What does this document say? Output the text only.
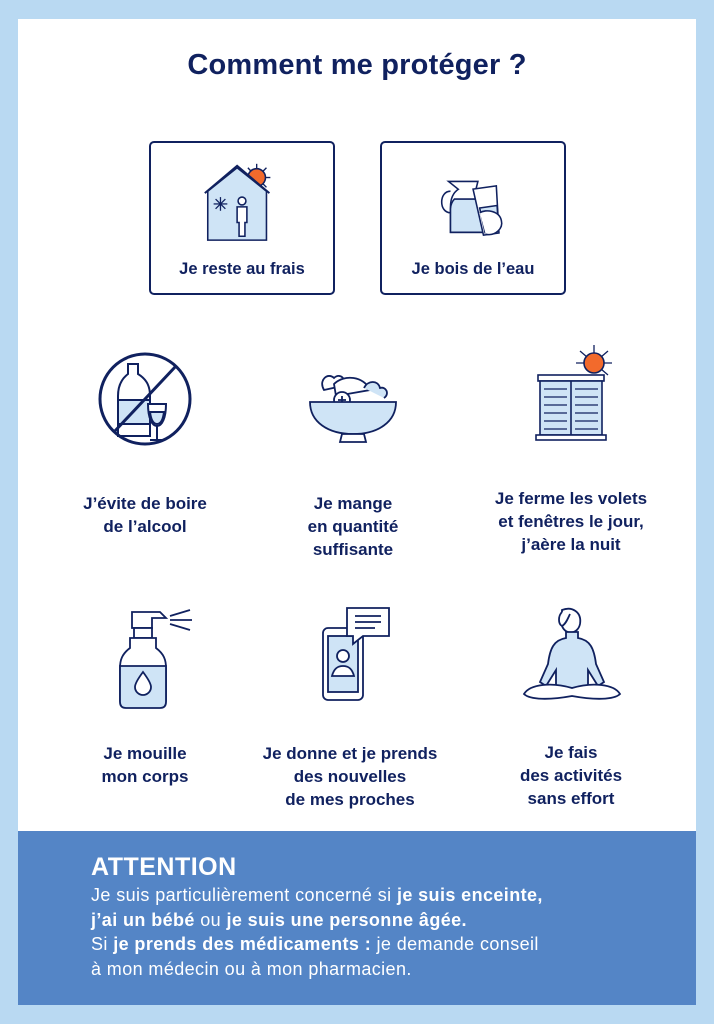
Comment me protéger ?
Je reste au frais	Je bois de l’eau
J’évite de boire
de l’alcool
Je mange
en quantité
suffisante
Je ferme les volets
et fenêtres le jour,
j’aère la nuit
Je mouille
mon corps
Je donne et je prends
des nouvelles
de mes proches
Je fais
des activités
sans effort
ATTENTION
Je suis particulièrement concerné si je suis enceinte,
j’ai un bébé ou je suis une personne âgée.
Si je prends des médicaments : je demande conseil
à mon médecin ou à mon pharmacien.
